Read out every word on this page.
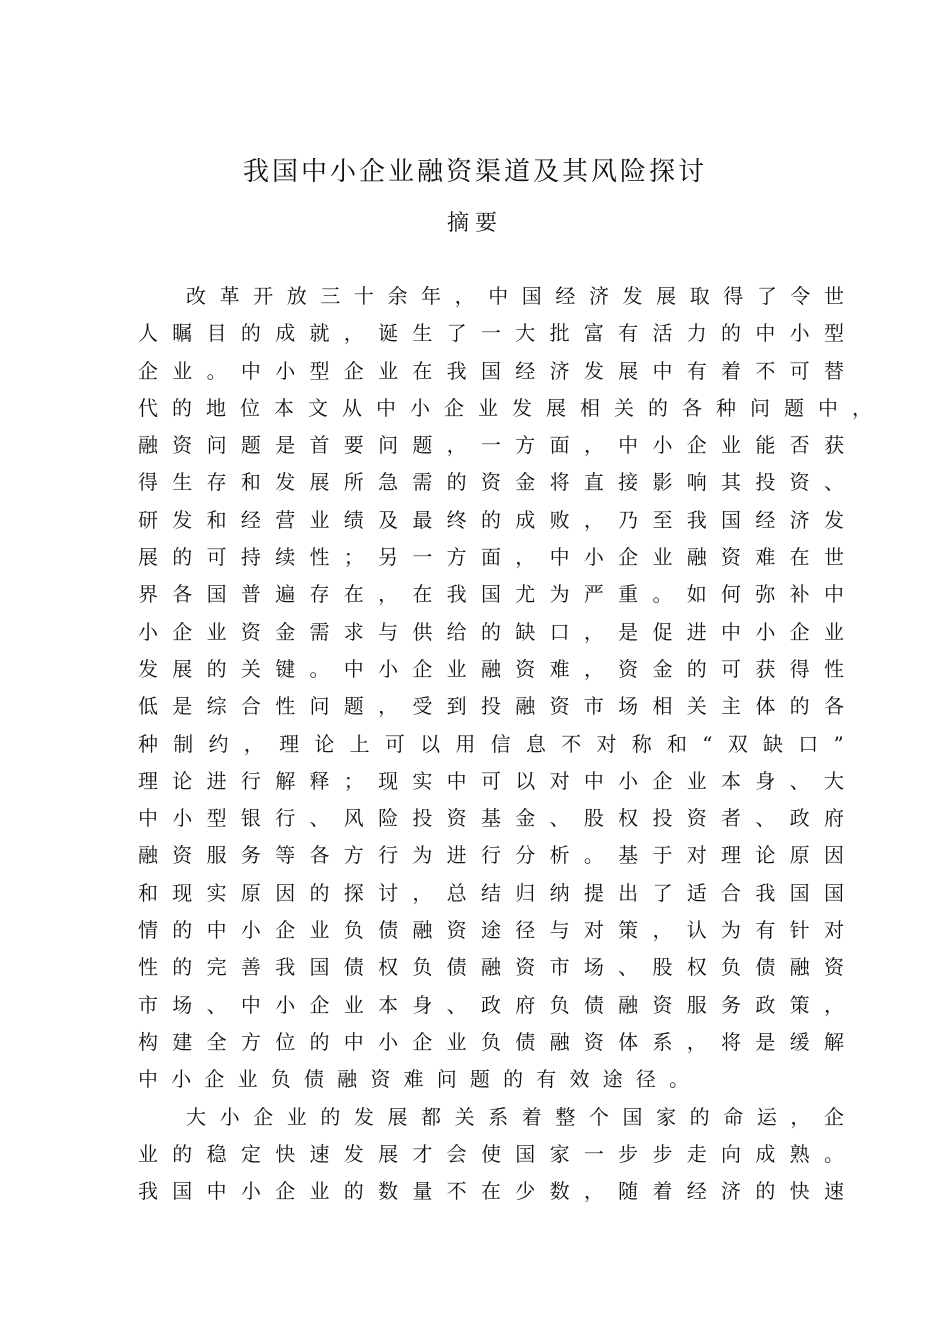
我国中小企业融资渠道及其风险探讨
摘要
改 革 开 放 三 十 余 年 ， 中 国 经 济 发 展 取 得 了 令 世
人 瞩 目 的 成 就 ， 诞 生 了 一 大 批 富 有 活 力 的 中 小 型
企 业 。 中 小 型 企 业 在 我 国 经 济 发 展 中 有 着 不 可 替
代 的 地 位 本 文 从 中 小 企 业 发 展 相 关 的 各 种 问 题 中 ，
融 资 问 题 是 首 要 问 题 ， 一 方 面 ， 中 小 企 业 能 否 获
得 生 存 和 发 展 所 急 需 的 资 金 将 直 接 影 响 其 投 资 、
研 发 和 经 营 业 绩 及 最 终 的 成 败 ， 乃 至 我 国 经 济 发
展 的 可 持 续 性 ； 另 一 方 面 ， 中 小 企 业 融 资 难 在 世
界 各 国 普 遍 存 在 ， 在 我 国 尤 为 严 重 。 如 何 弥 补 中
小 企 业 资 金 需 求 与 供 给 的 缺 口 ， 是 促 进 中 小 企 业
发 展 的 关 键 。 中 小 企 业 融 资 难 ， 资 金 的 可 获 得 性
低 是 综 合 性 问 题 ， 受 到 投 融 资 市 场 相 关 主 体 的 各
种 制 约 ， 理 论 上 可 以 用 信 息 不 对 称 和 “ 双 缺 口 ”
理 论 进 行 解 释 ； 现 实 中 可 以 对 中 小 企 业 本 身 、 大
中 小 型 银 行 、 风 险 投 资 基 金 、 股 权 投 资 者 、 政 府
融 资 服 务 等 各 方 行 为 进 行 分 析 。 基 于 对 理 论 原 因
和 现 实 原 因 的 探 讨 ， 总 结 归 纳 提 出 了 适 合 我 国 国
情 的 中 小 企 业 负 债 融 资 途 径 与 对 策 ， 认 为 有 针 对
性 的 完 善 我 国 债 权 负 债 融 资 市 场 、 股 权 负 债 融 资
市 场 、 中 小 企 业 本 身 、 政 府 负 债 融 资 服 务 政 策 ，
构 建 全 方 位 的 中 小 企 业 负 债 融 资 体 系 ， 将 是 缓 解
中 小 企 业 负 债 融 资 难 问 题 的 有 效 途 径 。
大 小 企 业 的 发 展 都 关 系 着 整 个 国 家 的 命 运 ， 企
业 的 稳 定 快 速 发 展 才 会 使 国 家 一 步 步 走 向 成 熟 。
我 国 中 小 企 业 的 数 量 不 在 少 数 ， 随 着 经 济 的 快 速
